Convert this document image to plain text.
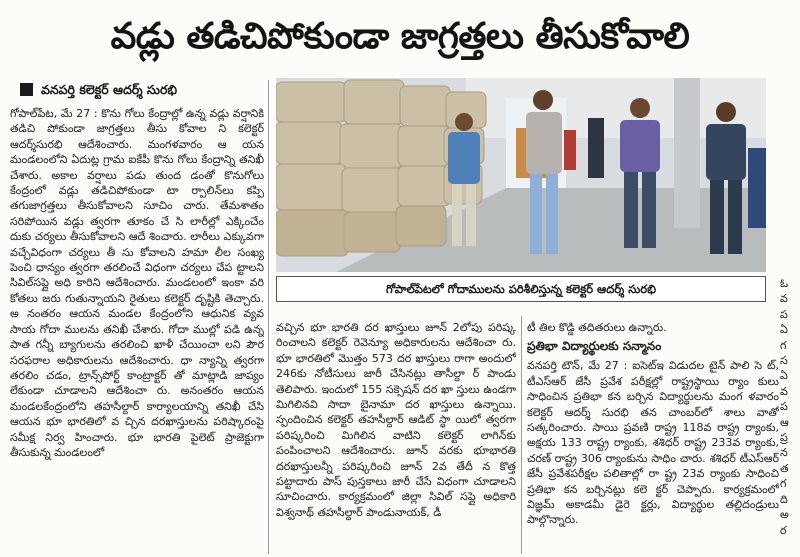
వడ్లు తడిచిపోకుండా జాగ్రత్తలు తీసుకోవాలి
వనపర్తి కలెక్టర్ ఆదర్శ్ సురభి

గోపాల్‌పేట, మే 27 : కొను గోలు కేంద్రాల్లో ఉన్న వడ్లు వర్షానికి తడిచి పోకుండా జాగ్రత్తలు తీసు కోవాల ని కలెక్టర్ ఆదర్శ్‌సురభి ఆదేశించారు. మంగళవారం ఆ యన మండలంలోని ఏదుట్ల గ్రామ ఐకేపీ కొను గోలు కేంద్రాన్ని తనిఖీ చేశారు. అకాల వర్షాలు పడు తుంద డంతో కొనుగోలు కేంద్రంలో వడ్లు తడిచిపోకుండా టా ర్పాలిన్‌లు కప్పి తగుజాగ్రత్తలు తీసుకోవాలని సూచిం చారు. తేమశాతం సరిపోయిన వడ్లు త్వరగా తూకం చే సి లారీల్లో ఎక్కించేం దుకు చర్యలు తీసుకోవాలని ఆదే శించారు. లారీలు ఎక్కువగా వచ్చేవిధంగా చర్యలు తీ సు కోవాలని హమా లీల సంఖ్య పెంచి ధాన్యం త్వరగా తరలించే విధంగా చర్యలు చేప ట్టాలని సివిల్‌సప్లై అధి కారిని ఆదేశించారు. మండలంలో ఇంకా వరి కోతలు జరు గుతున్నాయని రైతులు కలెక్టర్ దృష్టికి తెచ్చారు. అ నంతరం ఆయన మండల కేంద్రంలోని ఆధునిక వ్యవ సాయ గోదా ములను తనిఖీ చేశారు. గోదా ముల్లో పడి ఉన్న పాత గన్నీ బ్యాగులను తరలించి ఖాళీ చేయించా లని పౌర సరఫరాల అధికారులను ఆదేశించారు. ధా న్యాన్ని త్వరగా తరలిం చడం, ట్రాన్స్‌పోర్ట్ కాంట్రాక్టర్ తో మాట్లాడి జాప్యం లేకుండా చూడాలని ఆదేశించా రు. అనంతరం ఆయన మండలకేంద్రంలోని తహసీల్దార్ కార్యాలయాన్ని తనిఖీ చేసి ఆయన భూ భారతిలో వ చ్చిన దరఖాస్తులను పరిష్కారంపై సమీక్ష నిర్వ హించారు. భూ భారతి పైలెట్ ప్రాజెక్టుగా తీసుకున్న మండలంలో

గోపాల్‌పేటలో గోదాములను పరిశీలిస్తున్న కలెక్టర్ ఆదర్శ్ సురభి

వచ్చిన భూ భారతి దర ఖాస్తులు జూన్ 2లోపు పరిష్క రించాలని కలెక్టర్ రెవెన్యూ అధికారులను ఆదేశించా రు. భూ భారతిలో మొత్తం 573 దర ఖాస్తులు రాగా అందులో 246కు నోటీసులు జారీ చేసినట్లు తాసీల్దా ర్ పాండు తెలిపారు. ఇందులో 155 సక్సెషన్ దర ఖా స్తులు ఉండగా మిగిలినవి సాదా బైనామా దర ఖాస్తులు ఉన్నాయి. స్పందించిన కలెక్టర్ తహసీల్దార్ ఆడిట్ స్థా యిలో త్వరగా పరిష్కరించి మిగిలిన వాటిని కలెక్టర్ లాగిన్‌కు పంపించాలని ఆదేశించారు. జూన్ వరకు భూభారతి దరఖాస్తులన్నీ పరిష్కరించి జూన్ 2వ తేదీ న కొత్త పట్టాదారు పాస్ పుస్తకాలు జారీ చేసే విధంగా చూడాలని సూచించారు. కార్యక్రమంలో జిల్లా సివిల్ సప్లై అధికారి విశ్వనాథ్ తహసీల్దార్ పాండునాయక్, డీ

టీ తిల కొడ్డి తదితరులు ఉన్నారు.

ప్రతిభా విద్యార్థులకు సన్మానం

వనపర్తి టౌన్, మే 27 : ఐసెట్‌ఇ విడుదల టైన్ పాలి సె ట్, టీఎస్‌ఆర్ జేసీ ప్రవేశ పరీక్షల్లో రాష్ట్రస్థాయి ర్యాం కులు సాధించిన ప్రతిభా కన బర్చిన విద్యార్థులను మంగ ళవారం కలెక్టర్ ఆదర్శ్ సురభి తన చాంబర్‌లో శాలు వాతో సత్కరించారు. సాయి ప్రవణి రాష్ట్ర 118వ రాష్ట్ర ర్యాంకు, అక్షయ 133 రాష్ట్ర ర్యాంకు, శశిధర్ రాష్ట్ర 233వ ర్యాంకు, చరణ్ రాష్ట్ర 306 ర్యాంకును సాధిం చారు. శశిధర్ టీఎస్‌ఆర్ జేసీ ప్రవేశపరీక్షల పలితాల్లో రా ష్ట్ర 23వ ర్యాంకు సాధించి ప్రతిభా కన బర్చినట్లు కలె క్టర్ చెప్పారు. కార్యక్రమంలో విజ్ఞమ్ అకాడమీ డైరె క్టర్లు, విద్యార్థుల తల్లిదండ్రులు పాల్గొన్నారు.

ఓ
వ
ప
ఏ
గ
స
ఏ
వ
ప
ఆ
ప్ర
న
త
గ
ది
అ
ర
